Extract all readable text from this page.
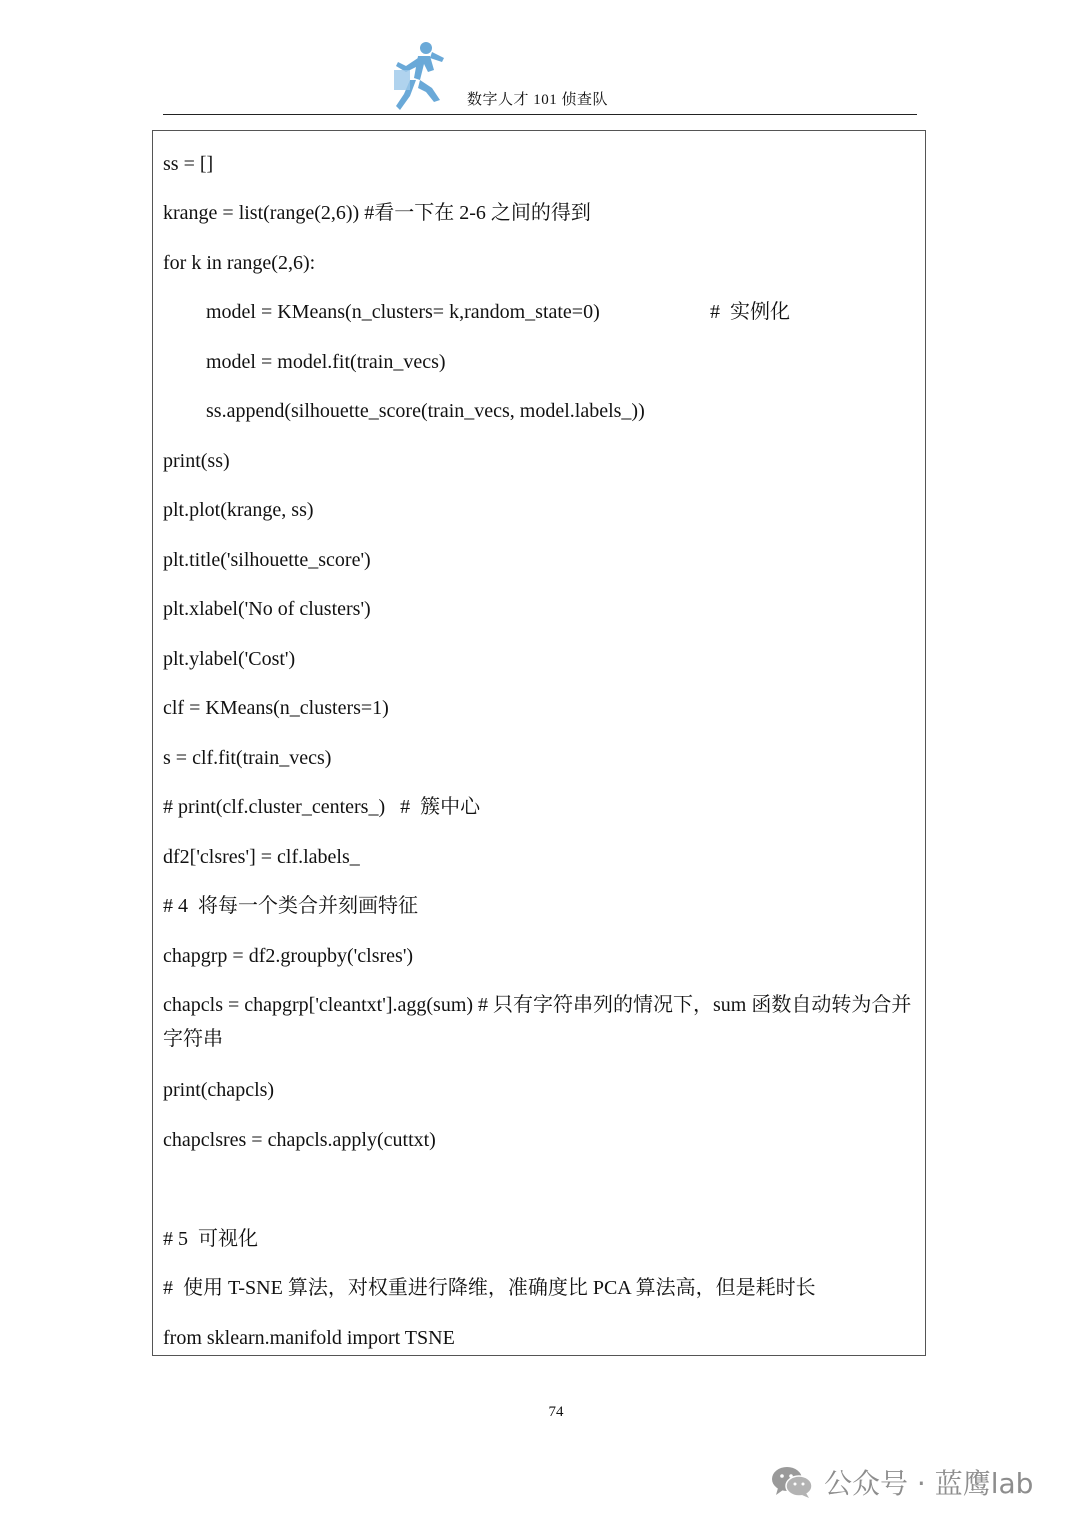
数字人才 101 侦查队
ss = []
krange = list(range(2,6)) #看一下在 2-6 之间的得到
for k in range(2,6):
model = KMeans(n_clusters= k,random_state=0)	#  实例化
model = model.fit(train_vecs)
ss.append(silhouette_score(train_vecs, model.labels_))
print(ss)
plt.plot(krange, ss)
plt.title('silhouette_score')
plt.xlabel('No of clusters')
plt.ylabel('Cost')
clf = KMeans(n_clusters=1)
s = clf.fit(train_vecs)
# print(clf.cluster_centers_)   #  簇中心
df2['clsres'] = clf.labels_
# 4  将每一个类合并刻画特征
chapgrp = df2.groupby('clsres')
chapcls = chapgrp['cleantxt'].agg(sum) # 只有字符串列的情况下，sum 函数自动转为合并字符串
print(chapcls)
chapclsres = chapcls.apply(cuttxt)
# 5  可视化
#  使用 T-SNE 算法，对权重进行降维，准确度比 PCA 算法高，但是耗时长
from sklearn.manifold import TSNE
74
公众号 · 蓝鹰lab
